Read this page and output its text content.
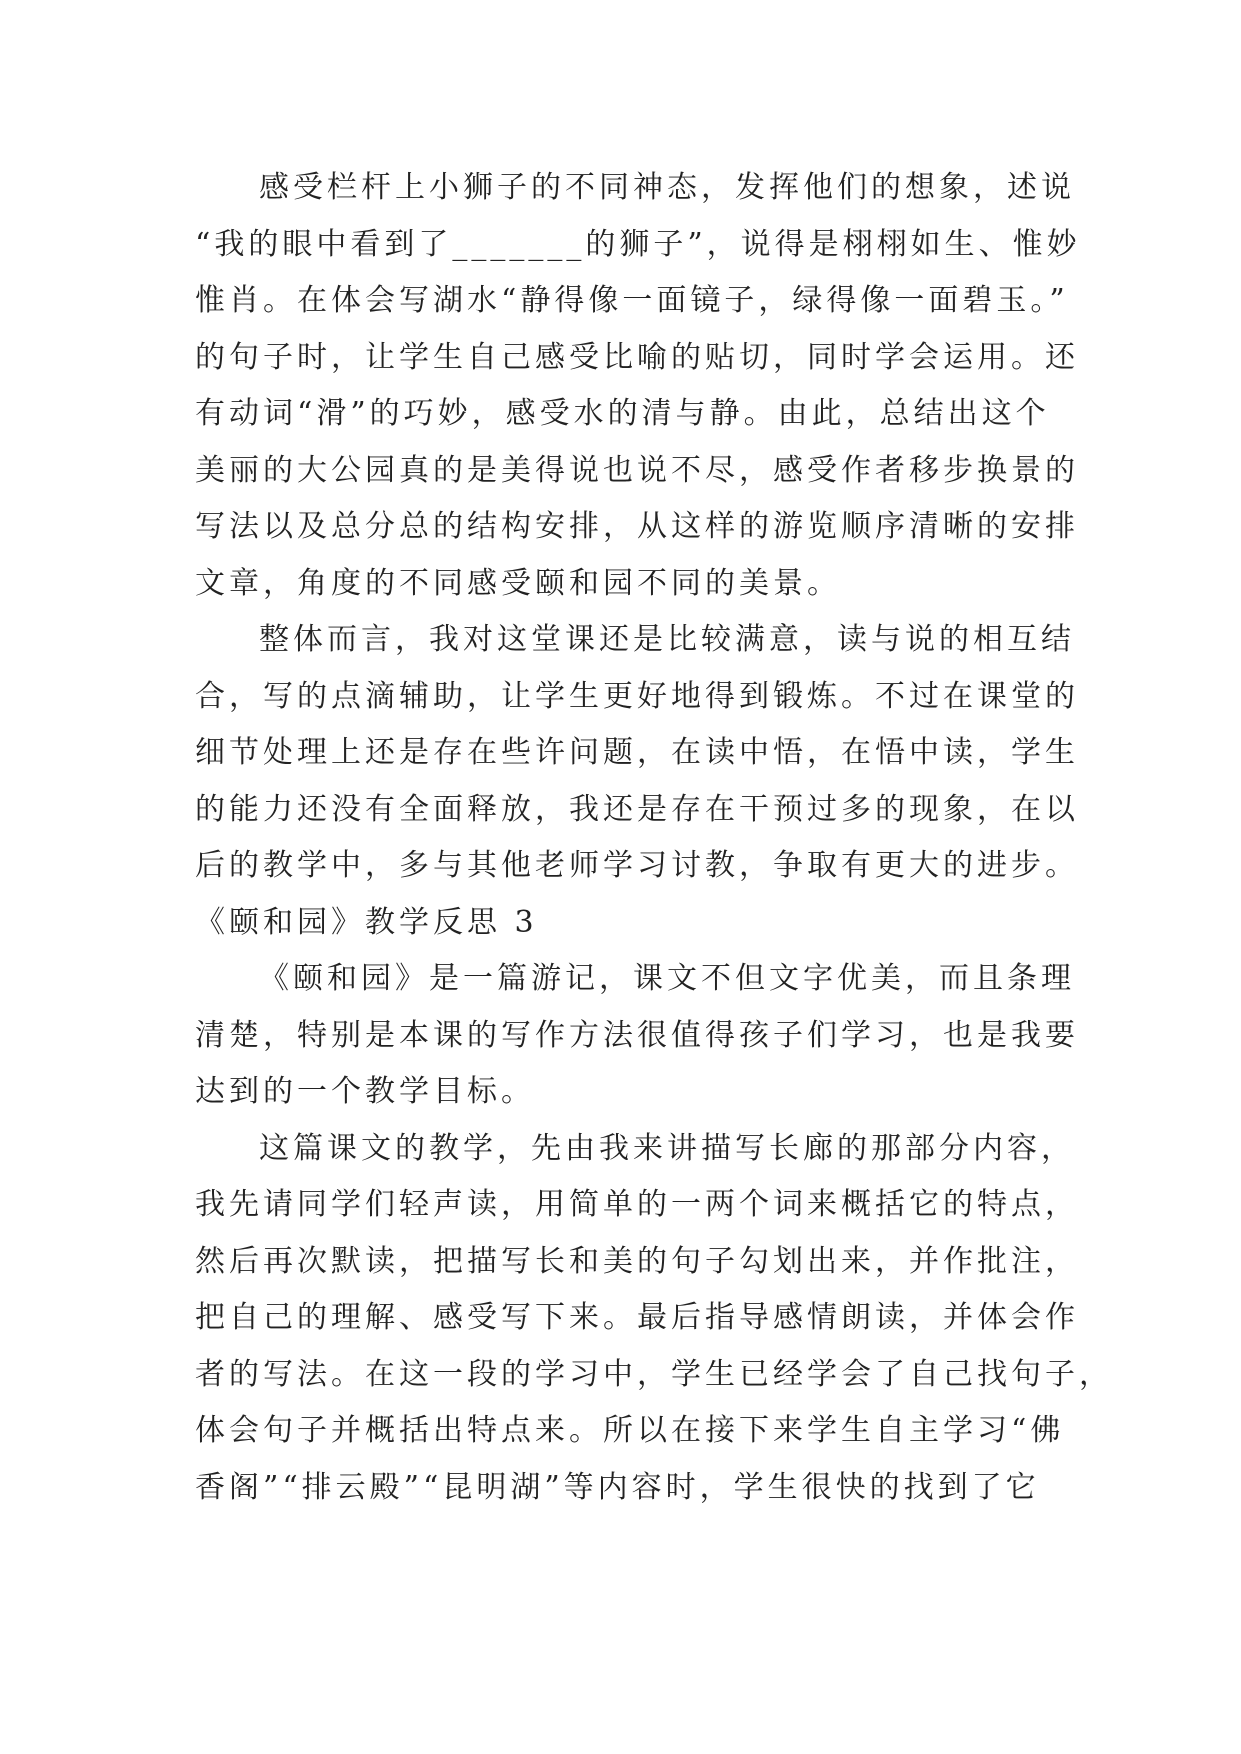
感受栏杆上小狮子的不同神态，发挥他们的想象，述说
“我的眼中看到了_______的狮子”，说得是栩栩如生、惟妙
惟肖。在体会写湖水“静得像一面镜子，绿得像一面碧玉。”
的句子时，让学生自己感受比喻的贴切，同时学会运用。还
有动词“滑”的巧妙，感受水的清与静。由此，总结出这个
美丽的大公园真的是美得说也说不尽，感受作者移步换景的
写法以及总分总的结构安排，从这样的游览顺序清晰的安排
文章，角度的不同感受颐和园不同的美景。
整体而言，我对这堂课还是比较满意，读与说的相互结
合，写的点滴辅助，让学生更好地得到锻炼。不过在课堂的
细节处理上还是存在些许问题，在读中悟，在悟中读，学生
的能力还没有全面释放，我还是存在干预过多的现象，在以
后的教学中，多与其他老师学习讨教，争取有更大的进步。
《颐和园》教学反思 3
《颐和园》是一篇游记，课文不但文字优美，而且条理
清楚，特别是本课的写作方法很值得孩子们学习，也是我要
达到的一个教学目标。
这篇课文的教学，先由我来讲描写长廊的那部分内容，
我先请同学们轻声读，用简单的一两个词来概括它的特点，
然后再次默读，把描写长和美的句子勾划出来，并作批注，
把自己的理解、感受写下来。最后指导感情朗读，并体会作
者的写法。在这一段的学习中，学生已经学会了自己找句子，
体会句子并概括出特点来。所以在接下来学生自主学习“佛
香阁”“排云殿”“昆明湖”等内容时，学生很快的找到了它
